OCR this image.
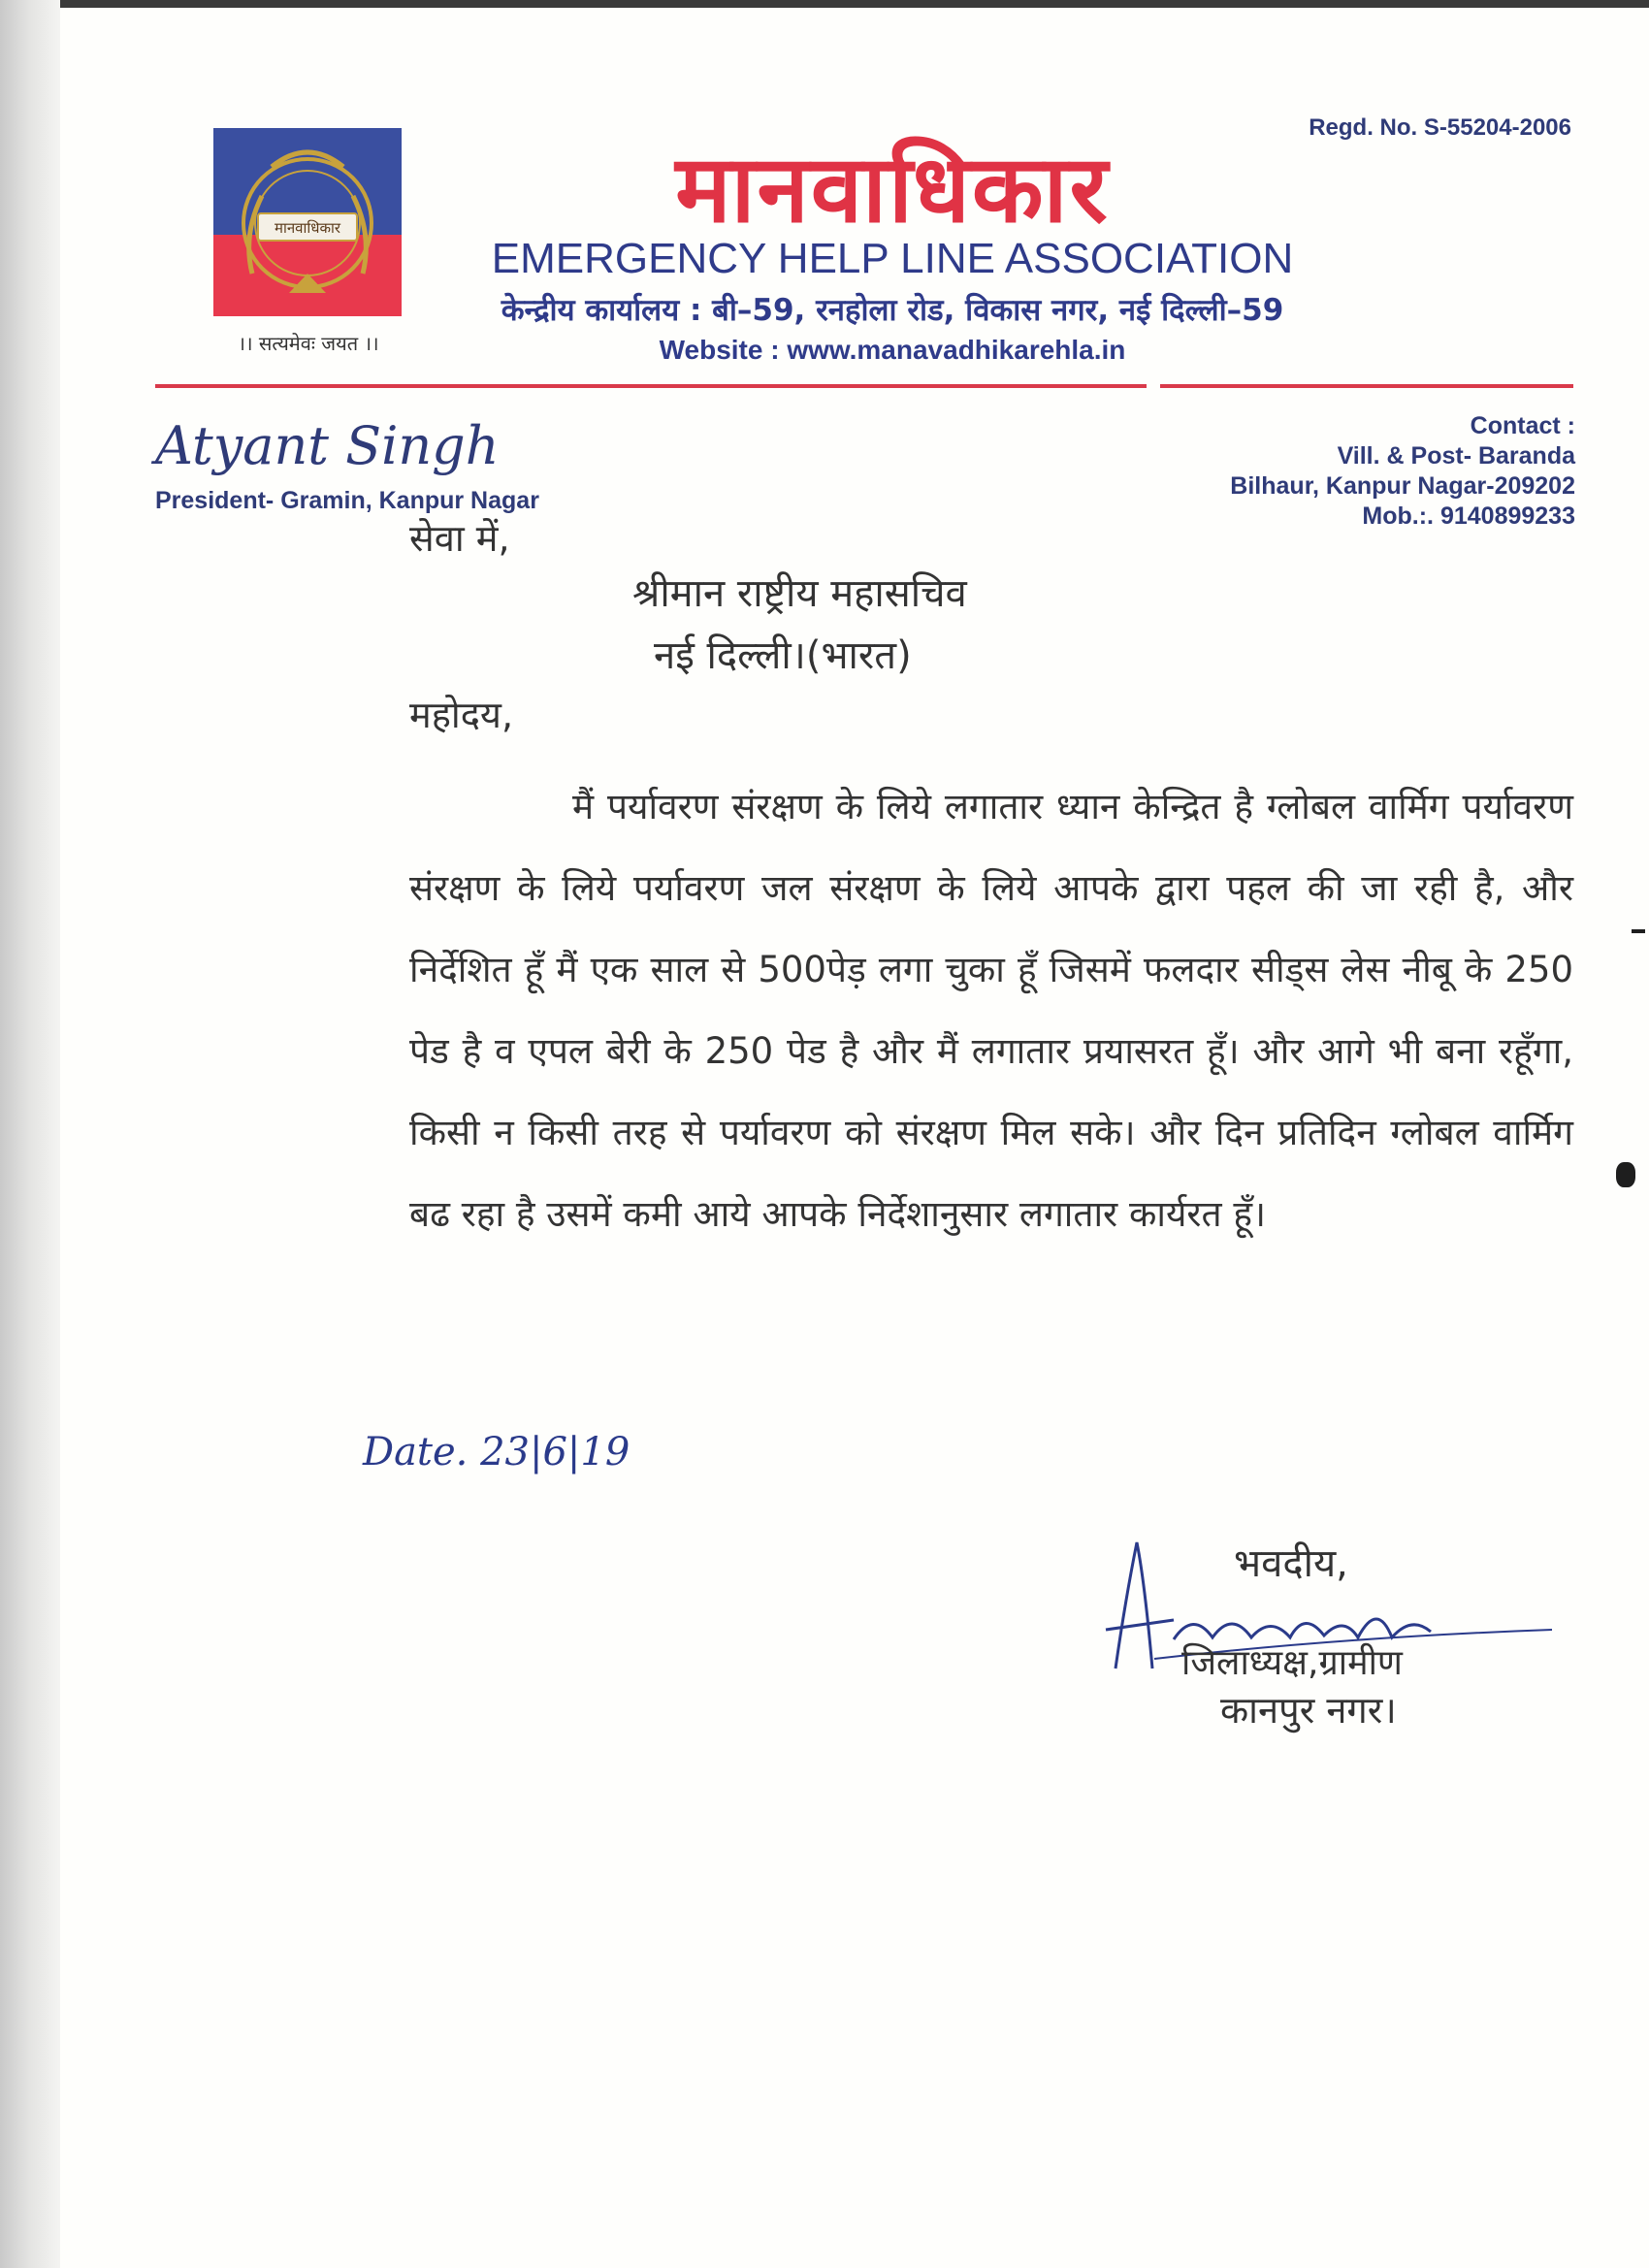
मानवाधिकार
।। सत्यमेवः जयत ।।
Regd. No. S-55204-2006
मानवाधिकार
EMERGENCY HELP LINE ASSOCIATION
केन्द्रीय कार्यालय : बी–59, रनहोला रोड, विकास नगर, नई दिल्ली–59
Website : www.manavadhikarehla.in
Atyant Singh
President- Gramin, Kanpur Nagar
Contact :
Vill. & Post- Baranda
Bilhaur, Kanpur Nagar-209202
Mob.:. 9140899233
सेवा में,
श्रीमान राष्ट्रीय महासचिव
नई दिल्ली।(भारत)
महोदय,
मैं पर्यावरण संरक्षण के लिये लगातार ध्यान केन्द्रित है ग्लोबल वार्मिग पर्यावरण संरक्षण के लिये पर्यावरण जल संरक्षण के लिये आपके द्वारा पहल की जा रही है, और निर्देशित हूँ मैं एक साल से 500पेड़ लगा चुका हूँ जिसमें फलदार सीड्स लेस नीबू के 250 पेड है व एपल बेरी के 250 पेड है और मैं लगातार प्रयासरत हूँ। और आगे भी बना रहूँगा, किसी न किसी तरह से पर्यावरण को संरक्षण मिल सके। और दिन प्रतिदिन ग्लोबल वार्मिग बढ रहा है उसमें कमी आये आपके निर्देशानुसार लगातार कार्यरत हूँ।
Date. 23|6|19
भवदीय,
जिलाध्यक्ष,ग्रामीण
कानपुर नगर।
